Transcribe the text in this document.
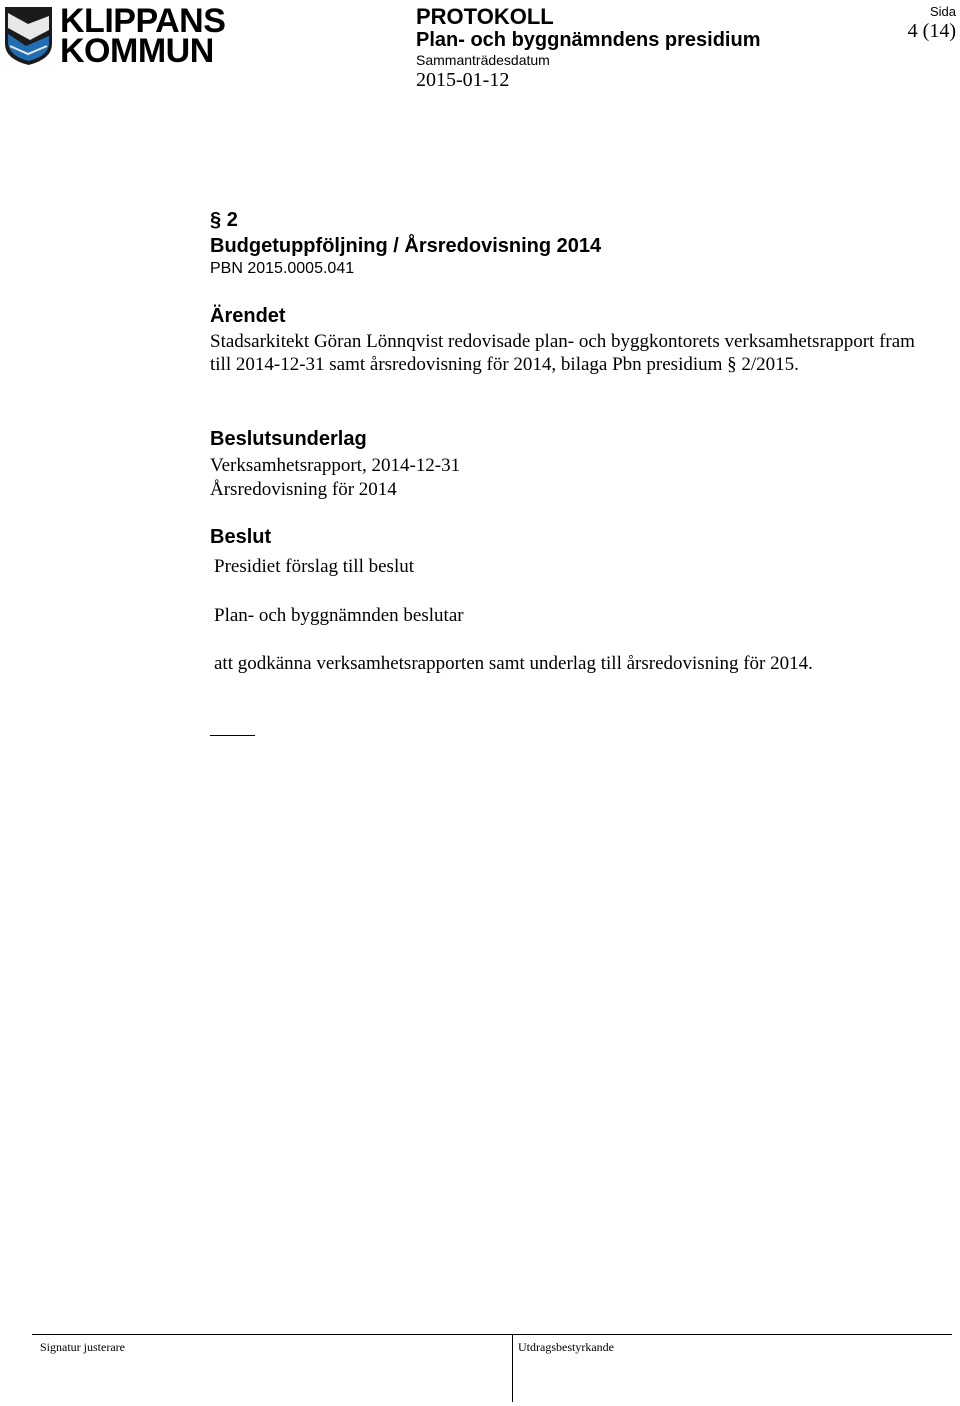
KLIPPANS
KOMMUN
PROTOKOLL
Plan- och byggnämndens presidium
Sammanträdesdatum
2015-01-12
Sida
4 (14)
§ 2
Budgetuppföljning / Årsredovisning 2014
PBN 2015.0005.041
Ärendet
Stadsarkitekt Göran Lönnqvist redovisade plan- och byggkontorets verksamhetsrapport fram till 2014-12-31 samt årsredovisning för 2014, bilaga Pbn presidium § 2/2015.
Beslutsunderlag
Verksamhetsrapport, 2014-12-31
Årsredovisning för 2014
Beslut
Presidiet förslag till beslut
Plan- och byggnämnden beslutar
att godkänna verksamhetsrapporten samt underlag till årsredovisning för 2014.
Signatur justerare	Utdragsbestyrkande
